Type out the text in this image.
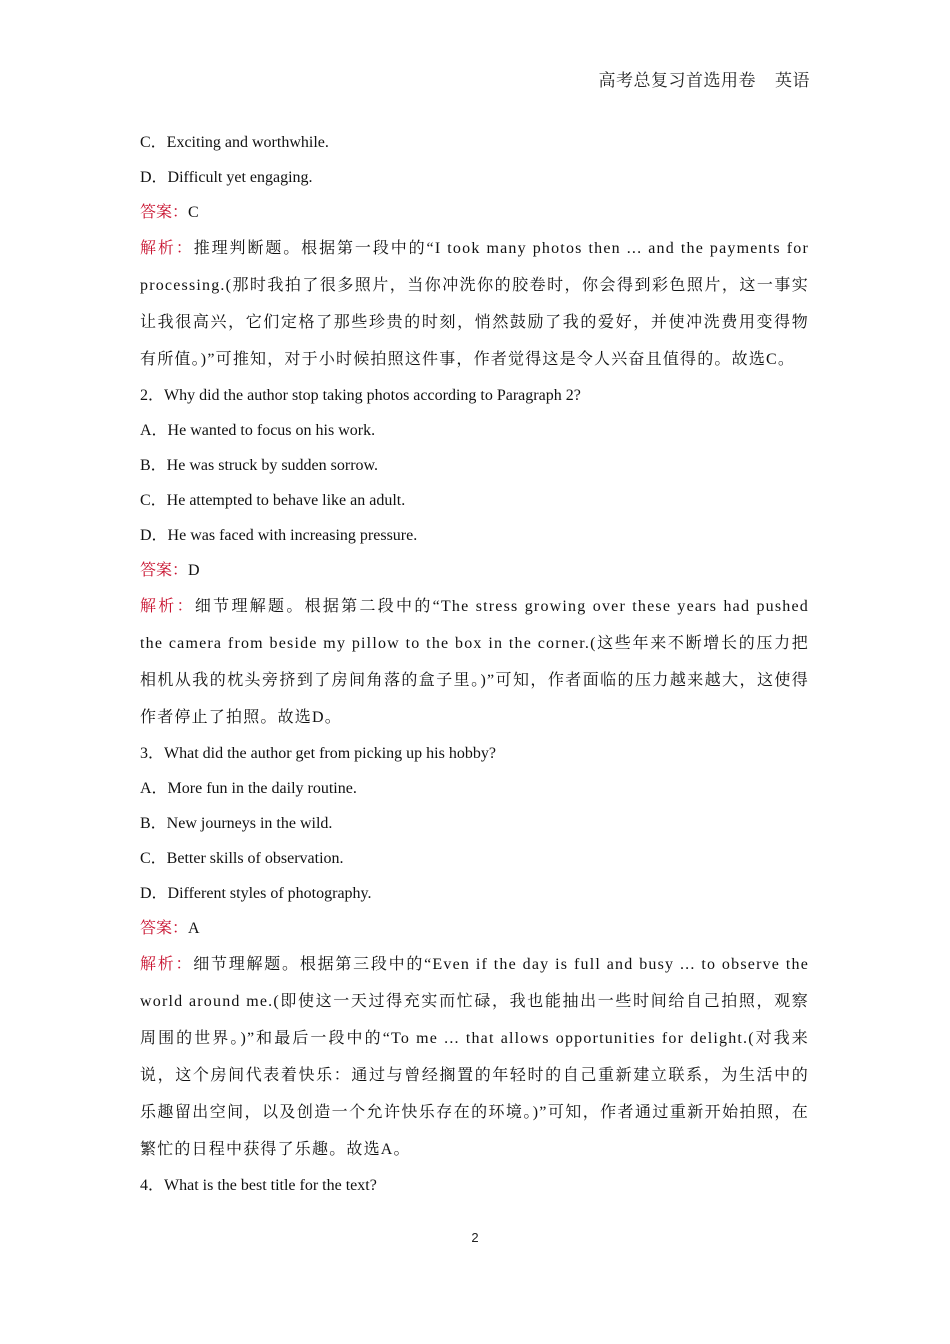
高考总复习首选用卷 英语
C．Exciting and worthwhile.
D．Difficult yet engaging.
答案：C
解析：推理判断题。根据第一段中的“I took many photos then ... and the payments for processing.(那时我拍了很多照片，当你冲洗你的胶卷时，你会得到彩色照片，这一事实让我很高兴，它们定格了那些珍贵的时刻，悄然鼓励了我的爱好，并使冲洗费用变得物有所值。)”可推知，对于小时候拍照这件事，作者觉得这是令人兴奋且值得的。故选C。
2．Why did the author stop taking photos according to Paragraph 2?
A．He wanted to focus on his work.
B．He was struck by sudden sorrow.
C．He attempted to behave like an adult.
D．He was faced with increasing pressure.
答案：D
解析：细节理解题。根据第二段中的“The stress growing over these years had pushed the camera from beside my pillow to the box in the corner.(这些年来不断增长的压力把相机从我的枕头旁挤到了房间角落的盒子里。)”可知，作者面临的压力越来越大，这使得作者停止了拍照。故选D。
3．What did the author get from picking up his hobby?
A．More fun in the daily routine.
B．New journeys in the wild.
C．Better skills of observation.
D．Different styles of photography.
答案：A
解析：细节理解题。根据第三段中的“Even if the day is full and busy ... to observe the world around me.(即使这一天过得充实而忙碌，我也能抽出一些时间给自己拍照，观察周围的世界。)”和最后一段中的“To me ... that allows opportunities for delight.(对我来说，这个房间代表着快乐：通过与曾经搁置的年轻时的自己重新建立联系，为生活中的乐趣留出空间，以及创造一个允许快乐存在的环境。)”可知，作者通过重新开始拍照，在繁忙的日程中获得了乐趣。故选A。
4．What is the best title for the text?
2
